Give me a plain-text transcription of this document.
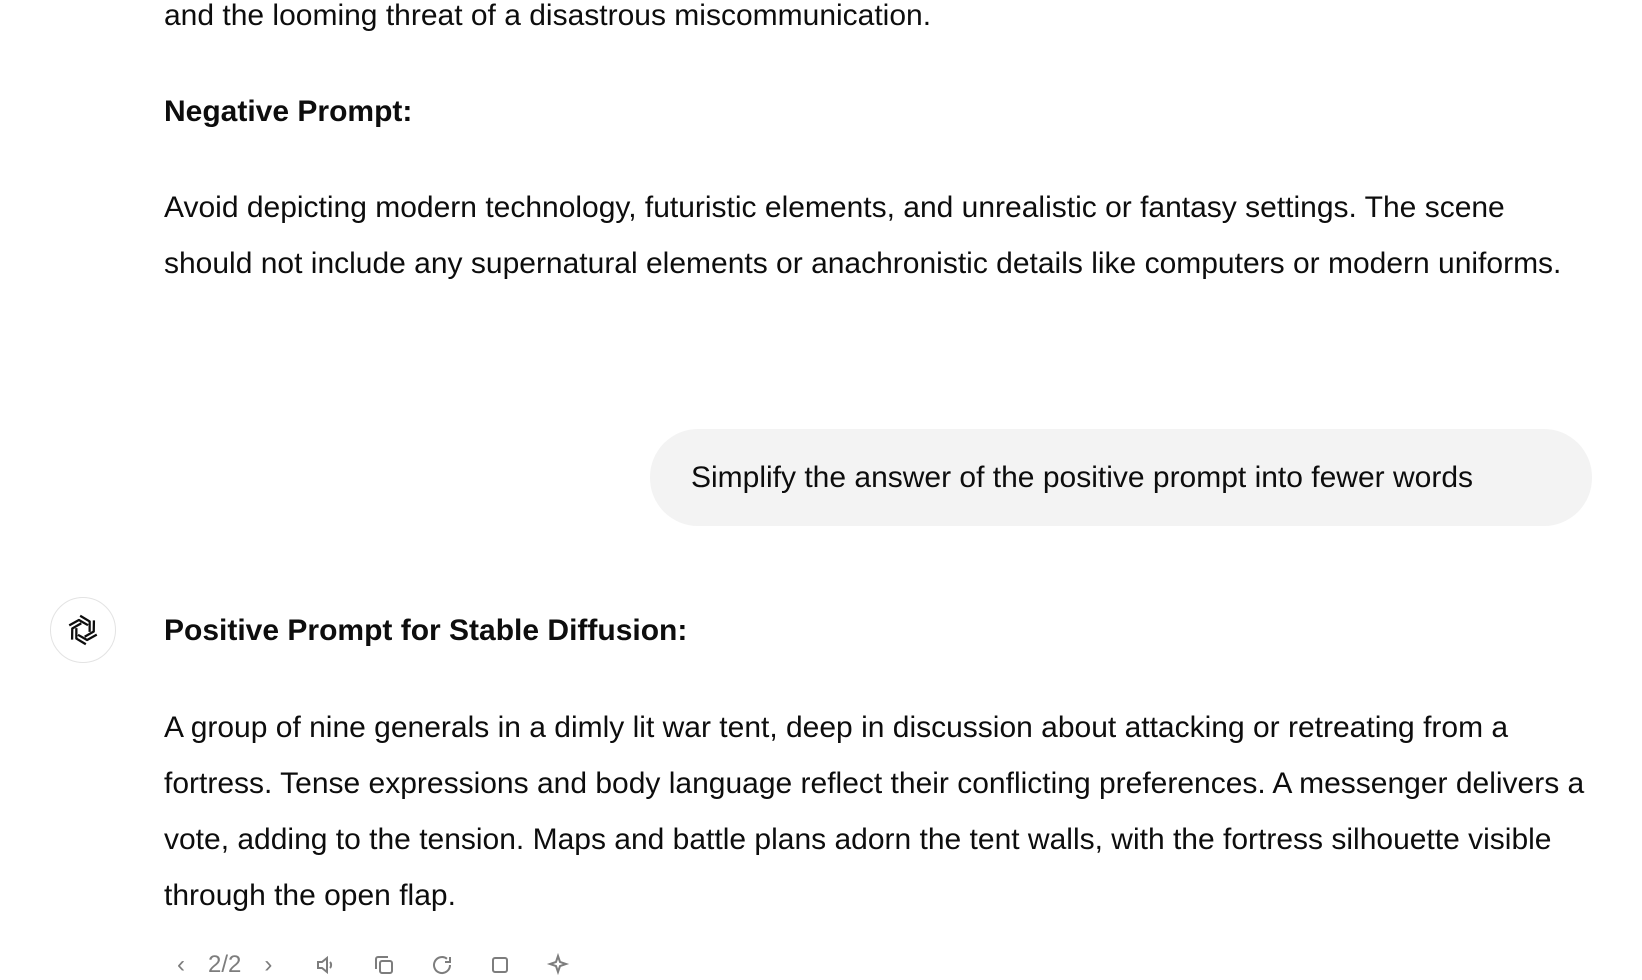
and the looming threat of a disastrous miscommunication.

Negative Prompt:

Avoid depicting modern technology, futuristic elements, and unrealistic or fantasy settings. The scene should not include any supernatural elements or anachronistic details like computers or modern uniforms.

Simplify the answer of the positive prompt into fewer words

Positive Prompt for Stable Diffusion:

A group of nine generals in a dimly lit war tent, deep in discussion about attacking or retreating from a fortress. Tense expressions and body language reflect their conflicting preferences. A messenger delivers a vote, adding to the tension. Maps and battle plans adorn the tent walls, with the fortress silhouette visible through the open flap.

‹ 2/2 ›
